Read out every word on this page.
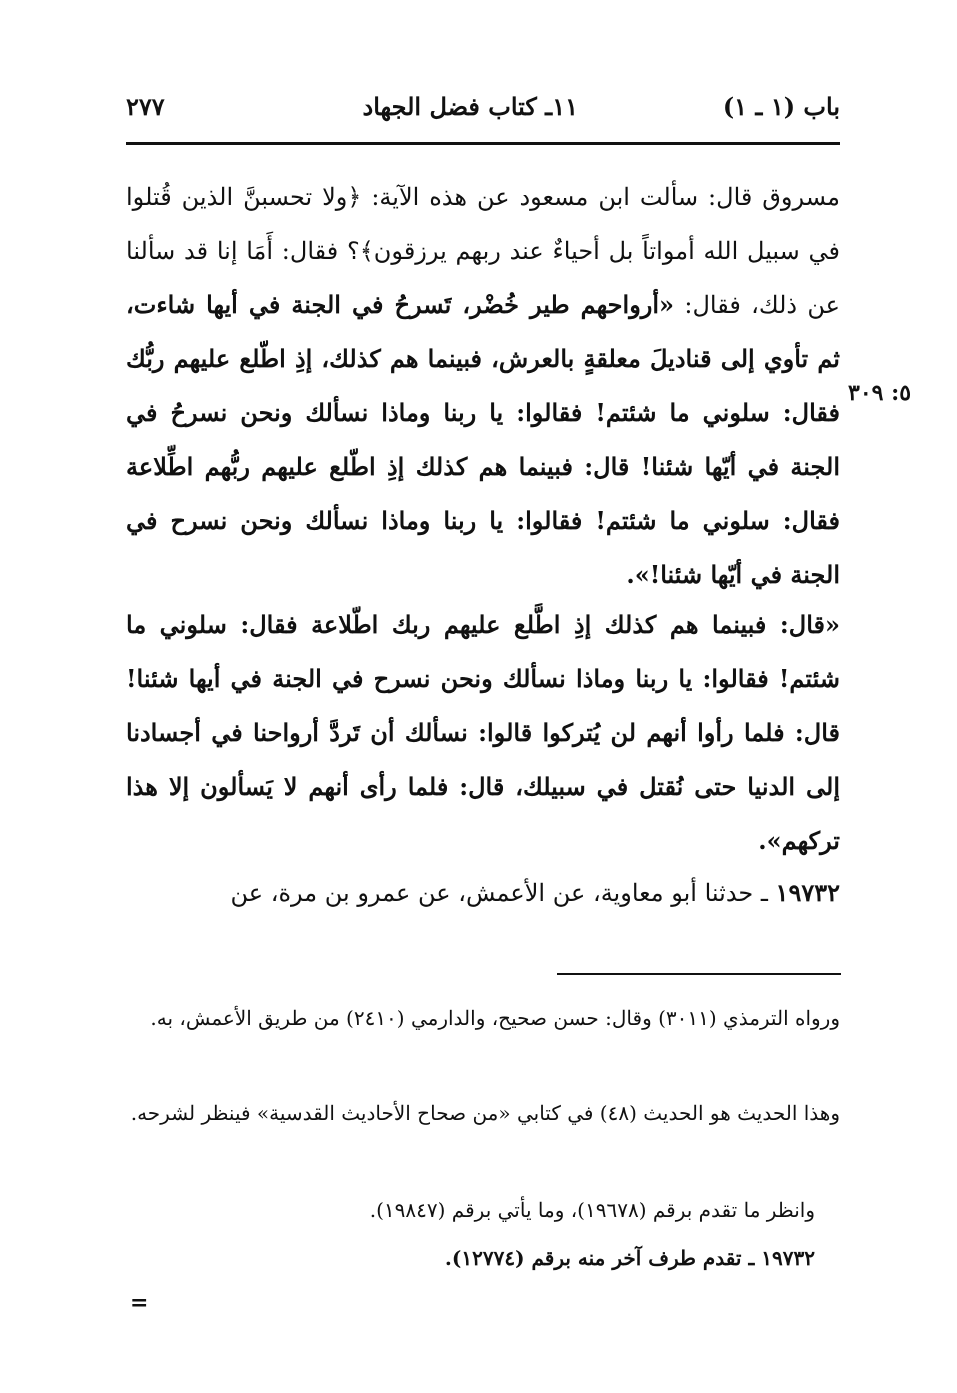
باب (١ ـ ١)
١١ـ كتاب فضل الجهاد
٢٧٧
٥: ٣٠٩

مسروق قال: سألت ابن مسعود عن هذه الآية: ﴿ولا تحسبنَّ الذين قُتلوا في سبيل الله أمواتاً بل أحياءٌ عند ربهم يرزقون﴾؟ فقال: أَمَا إنا قد سألنا عن ذلك، فقال: «أرواحهم طير خُضْر، تَسرحُ في الجنة في أيها شاءت، ثم تأوي إلى قناديلَ معلقةٍ بالعرش، فبينما هم كذلك، إذِ اطّلع عليهم ربُّك فقال: سلوني ما شئتم! فقالوا: يا ربنا وماذا نسألك ونحن نسرحُ في الجنة في أيّها شئنا! قال: فبينما هم كذلك إذِ اطّلع عليهم ربُّهم اطِّلاعة فقال: سلوني ما شئتم! فقالوا: يا ربنا وماذا نسألك ونحن نسرح في الجنة في أيّها شئنا!».

«قال: فبينما هم كذلك إذِ اطَّلع عليهم ربك اطّلاعة فقال: سلوني ما شئتم! فقالوا: يا ربنا وماذا نسألك ونحن نسرح في الجنة في أيها شئنا! قال: فلما رأوا أنهم لن يُتركوا قالوا: نسألك أن تَردَّ أرواحنا في أجسادنا إلى الدنيا حتى نُقتل في سبيلك، قال: فلما رأى أنهم لا يَسألون إلا هذا تركهم».

١٩٧٣٢ ـ حدثنا أبو معاوية، عن الأعمش، عن عمرو بن مرة، عن

ورواه الترمذي (٣٠١١) وقال: حسن صحيح، والدارمي (٢٤١٠) من طريق الأعمش، به.

وهذا الحديث هو الحديث (٤٨) في كتابي «من صحاح الأحاديث القدسية» فينظر لشرحه.

وانظر ما تقدم برقم (١٩٦٧٨)، وما يأتي برقم (١٩٨٤٧).

١٩٧٣٢ ـ تقدم طرف آخر منه برقم (١٢٧٧٤).

=
